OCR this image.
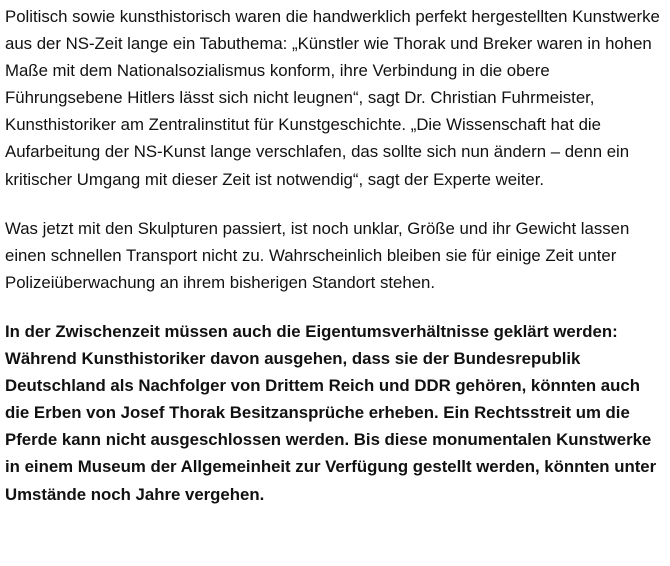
Politisch sowie kunsthistorisch waren die handwerklich perfekt hergestellten Kunstwerke aus der NS-Zeit lange ein Tabuthema: „Künstler wie Thorak und Breker waren in hohen Maße mit dem Nationalsozialismus konform, ihre Verbindung in die obere Führungsebene Hitlers lässt sich nicht leugnen“, sagt Dr. Christian Fuhrmeister, Kunsthistoriker am Zentralinstitut für Kunstgeschichte. „Die Wissenschaft hat die Aufarbeitung der NS-Kunst lange verschlafen, das sollte sich nun ändern – denn ein kritischer Umgang mit dieser Zeit ist notwendig“, sagt der Experte weiter.

Was jetzt mit den Skulpturen passiert, ist noch unklar, Größe und ihr Gewicht lassen einen schnellen Transport nicht zu. Wahrscheinlich bleiben sie für einige Zeit unter Polizeiüberwachung an ihrem bisherigen Standort stehen.

In der Zwischenzeit müssen auch die Eigentumsverhältnisse geklärt werden: Während Kunsthistoriker davon ausgehen, dass sie der Bundesrepublik Deutschland als Nachfolger von Drittem Reich und DDR gehören, könnten auch die Erben von Josef Thorak Besitzansprüche erheben. Ein Rechtsstreit um die Pferde kann nicht ausgeschlossen werden. Bis diese monumentalen Kunstwerke in einem Museum der Allgemeinheit zur Verfügung gestellt werden, könnten unter Umstände noch Jahre vergehen.
